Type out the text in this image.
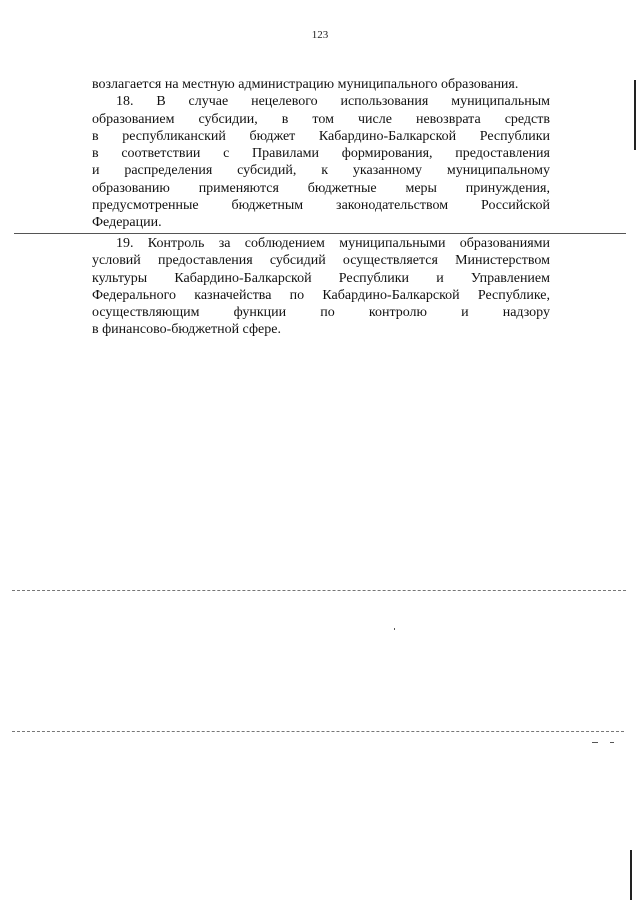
123
возлагается на местную администрацию муниципального образования.
18. В случае нецелевого использования муниципальным
образованием субсидии, в том числе невозврата средств
в республиканский бюджет Кабардино-Балкарской Республики
в соответствии с Правилами формирования, предоставления
и распределения субсидий, к указанному муниципальному
образованию применяются бюджетные меры принуждения,
предусмотренные бюджетным законодательством Российской
Федерации.
19. Контроль за соблюдением муниципальными образованиями
условий предоставления субсидий осуществляется Министерством
культуры Кабардино-Балкарской Республики и Управлением
Федерального казначейства по Кабардино-Балкарской Республике,
осуществляющим функции по контролю и надзору
в финансово-бюджетной сфере.
